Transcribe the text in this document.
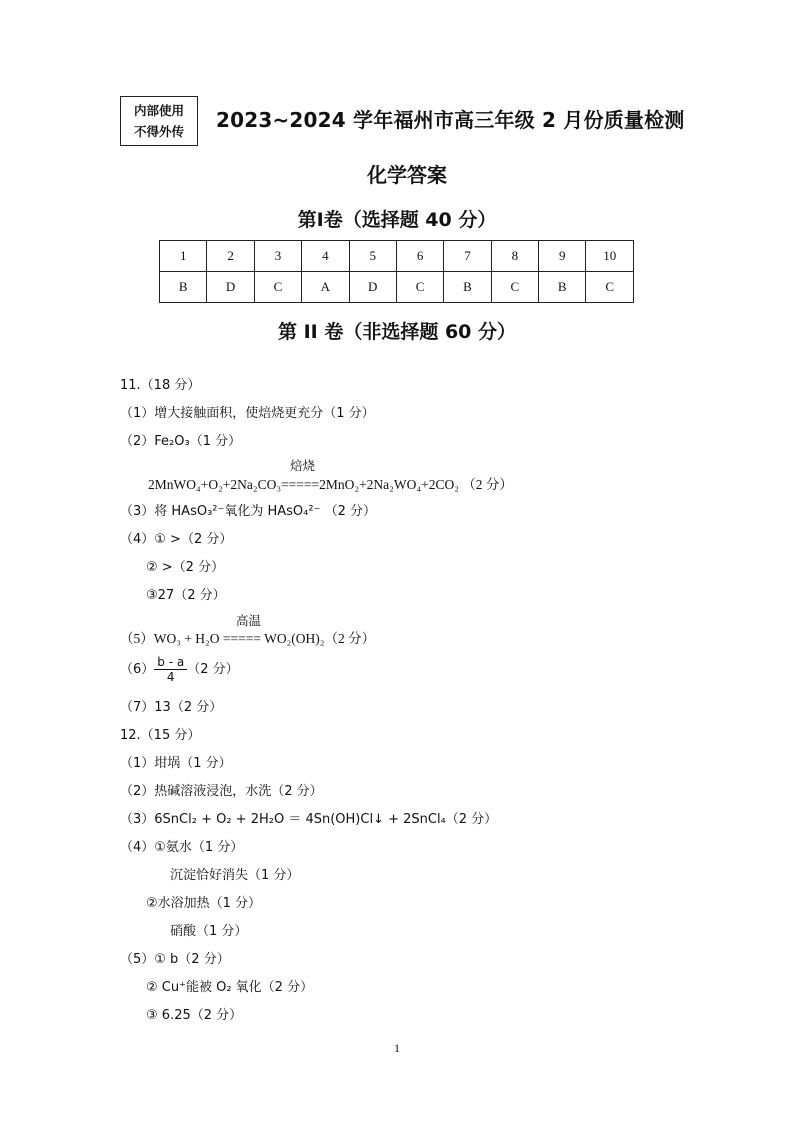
内部使用
不得外传 2023~2024 学年福州市高三年级 2 月份质量检测
化学答案
第Ⅰ卷（选择题 40 分）
1	2	3	4	5	6	7	8	9	10
B	D	C	A	D	C	B	C	B	C
第 II 卷（非选择题 60 分）
11.（18 分）
（1）增大接触面积，使焙烧更充分（1 分）
（2）Fe₂O₃（1 分）
焙烧
2MnWO₄+O₂+2Na₂CO₃=====2MnO₂+2Na₂WO₄+2CO₂ （2 分）
（3）将 HAsO₃²⁻氧化为 HAsO₄²⁻ （2 分）
（4）① >（2 分）
② >（2 分）
③27（2 分）
高温
（5）WO₃ + H₂O ===== WO₂(OH)₂（2 分）
$(6) \frac{b - a}{4} (2$ 分）
（7）13（2 分）
12.（15 分）
（1）坩埚（1 分）
（2）热碱溶液浸泡，水洗（2 分）
（3）6SnCl₂ + O₂ + 2H₂O ＝ 4Sn(OH)Cl↓ + 2SnCl₄（2 分）
（4）①氨水（1 分）
沉淀恰好消失（1 分）
②水浴加热（1 分）
硝酸（1 分）
（5）① b（2 分）
② Cu⁺能被 O₂ 氧化（2 分）
③ 6.25（2 分）
1
